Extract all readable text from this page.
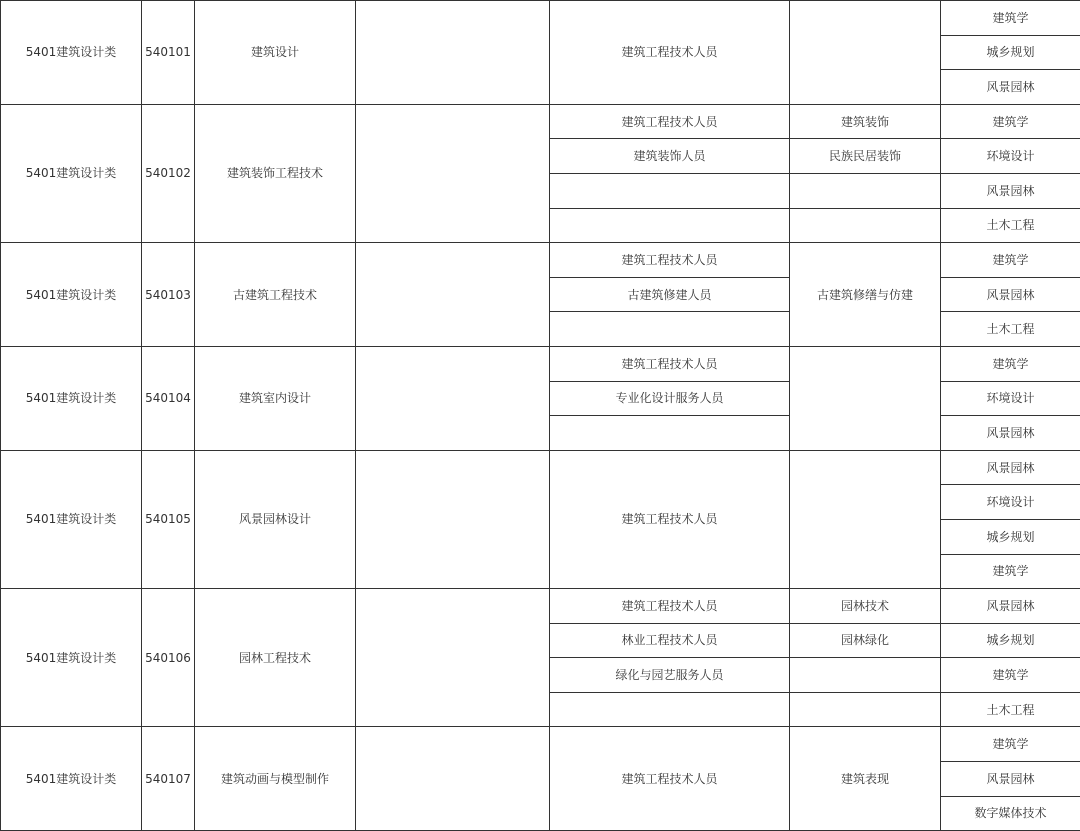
5401建筑设计类	540101	建筑设计		建筑工程技术人员		建筑学
						城乡规划
						风景园林
5401建筑设计类	540102	建筑装饰工程技术		建筑工程技术人员	建筑装饰	建筑学
				建筑装饰人员	民族民居装饰	环境设计
						风景园林
						土木工程
5401建筑设计类	540103	古建筑工程技术		建筑工程技术人员	古建筑修缮与仿建	建筑学
				古建筑修建人员		风景园林
						土木工程
5401建筑设计类	540104	建筑室内设计		建筑工程技术人员		建筑学
				专业化设计服务人员		环境设计
						风景园林
5401建筑设计类	540105	风景园林设计		建筑工程技术人员		风景园林
						环境设计
						城乡规划
						建筑学
5401建筑设计类	540106	园林工程技术		建筑工程技术人员	园林技术	风景园林
				林业工程技术人员	园林绿化	城乡规划
				绿化与园艺服务人员		建筑学
						土木工程
5401建筑设计类	540107	建筑动画与模型制作		建筑工程技术人员	建筑表现	建筑学
						风景园林
						数字媒体技术
